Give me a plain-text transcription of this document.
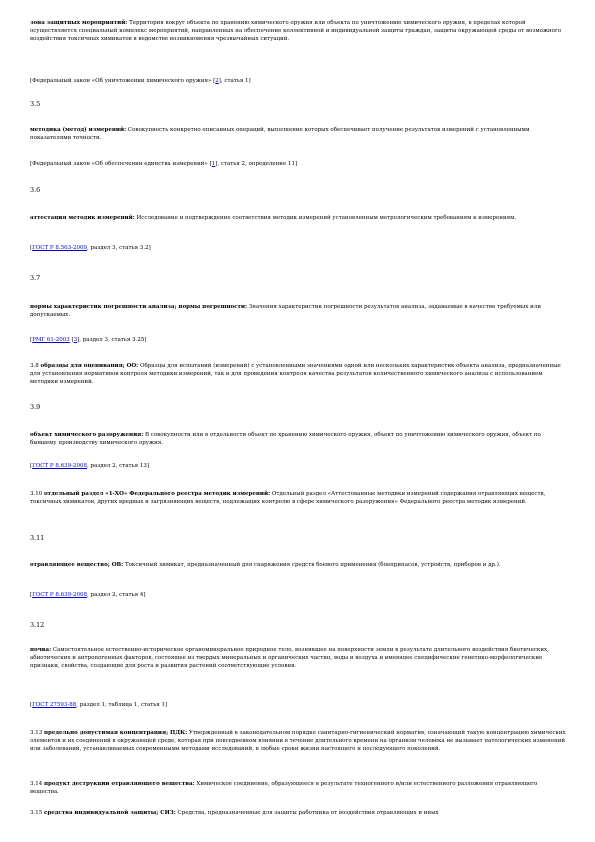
зона защитных мероприятий: Территория вокруг объекта по хранению химического оружия или объекта по уничтожению химического оружия, в пределах которой осуществляется специальный комплекс мероприятий, направленных на обеспечение коллективной и индивидуальной защиты граждан, защиты окружающей среды от возможного воздействия токсичных химикатов в ведомстве возникновения чрезвычайных ситуаций.
[Федеральный закон «Об уничтожении химического оружия» [2], статья 1]
3.5
методика (метод) измерений: Совокупность конкретно описанных операций, выполнение которых обеспечивает получение результатов измерений с установленными показателями точности.
[Федеральный закон «Об обеспечении единства измерений» [1], статья 2, определение 11]
3.6
аттестация методик измерений: Исследование и подтверждение соответствия методик измерений установленным метрологическим требованиям к измерениям.
[ГОСТ Р 8.563-2009, раздел 3, статья 3.2]
3.7
нормы характеристик погрешности анализа; нормы погрешности: Значения характеристик погрешности результатов анализа, задаваемые в качестве требуемых или допускаемых.
[РМГ 61-2003 [3], раздел 3, статья 3.25]
3.8 образцы для оценивания; ОО: Образцы для испытаний (измерений) с установленными значениями одной или нескольких характеристик объекта анализа, предназначенные для установления нормативов контроля методики измерений, так и для проведения контроля качества результатов количественного химического анализа с использованием методики измерений.
3.9
объект химического разоружения: В совокупности или в отдельности объект по хранению химического оружия, объект по уничтожению химического оружия, объект по бывшему производству химического оружия.
[ГОСТ Р 8.639-2008, раздел 2, статья 13]
3.10 отдельный раздел «1-ХО» Федерального реестра методик измерений: Отдельный раздел «Аттестованные методики измерений содержания отравляющих веществ, токсичных химикатов, других вредных и загрязняющих веществ, подлежащих контролю в сфере химического разоружения» Федерального реестра методик измерений.
3.11
отравляющее вещество; ОВ: Токсичный химикат, предназначенный для снаряжения средств боевого применения (боеприпасов, устройств, приборов и др.).
[ГОСТ Р 8.639-2008, раздел 2, статья 4]
3.12
почва: Самостоятельное естественно-историческое органоминеральное природное тело, возникшее на поверхности земли в результате длительного воздействия биотических, абиотических и антропогенных факторов, состоящее из твердых минеральных и органических частиц, воды и воздуха и имеющее специфические генетико-морфологические признаки, свойства, создающие для роста и развития растений соответствующие условия.
[ГОСТ 27593-88, раздел 1, таблица 1, статья 1]
3.13 предельно допустимая концентрация; ПДК: Утвержденный в законодательном порядке санитарно-гигиенический норматив, означающий такую концентрацию химических элементов и их соединений в окружающей среде, которая при повседневном влиянии в течение длительного времени на организм человека не вызывает патологических изменений или заболеваний, устанавливаемых современными методами исследований, в любые сроки жизни настоящего и последующего поколений.
3.14 продукт деструкции отравляющего вещества: Химическое соединение, образующееся в результате техногенного и/или естественного разложения отравляющего вещества.
3.15 средства индивидуальной защиты; СИЗ: Средства, предназначенные для защиты работника от воздействия отравляющих и иных
